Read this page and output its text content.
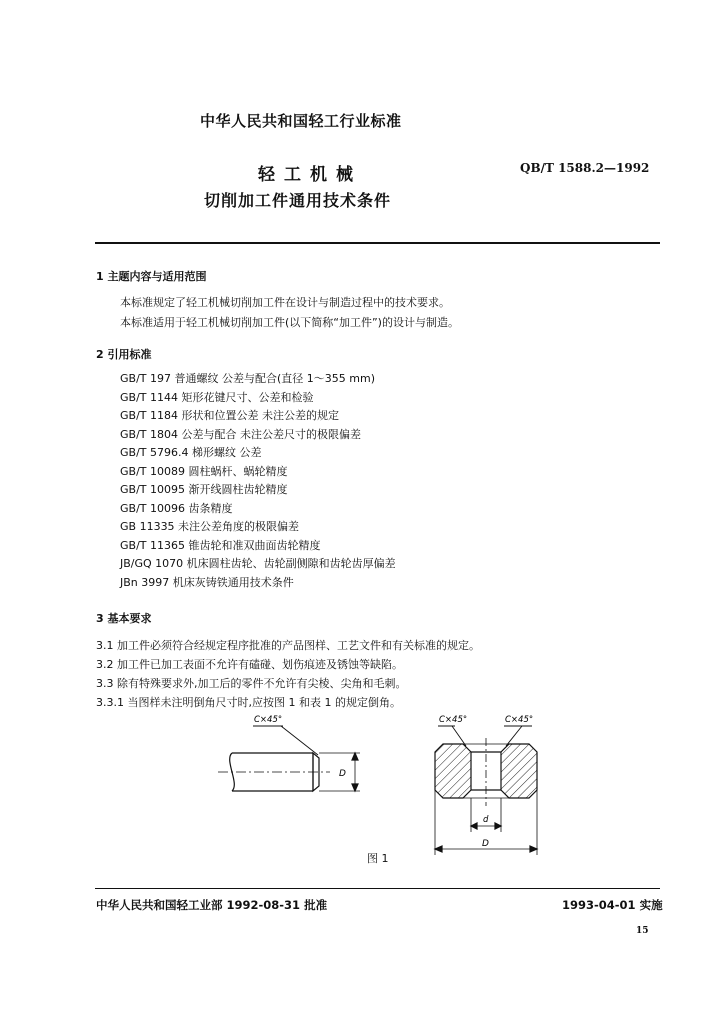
中华人民共和国轻工行业标准
轻工机械
切削加工件通用技术条件
QB/T 1588.2—1992
1 主题内容与适用范围
本标准规定了轻工机械切削加工件在设计与制造过程中的技术要求。
本标准适用于轻工机械切削加工件(以下简称“加工件”)的设计与制造。
2 引用标准
GB/T 197 普通螺纹 公差与配合(直径 1～355 mm)
GB/T 1144 矩形花键尺寸、公差和检验
GB/T 1184 形状和位置公差 未注公差的规定
GB/T 1804 公差与配合 未注公差尺寸的极限偏差
GB/T 5796.4 梯形螺纹 公差
GB/T 10089 圆柱蜗杆、蜗轮精度
GB/T 10095 渐开线圆柱齿轮精度
GB/T 10096 齿条精度
GB 11335 未注公差角度的极限偏差
GB/T 11365 锥齿轮和准双曲面齿轮精度
JB/GQ 1070 机床圆柱齿轮、齿轮副侧隙和齿轮齿厚偏差
JBn 3997 机床灰铸铁通用技术条件
3 基本要求
3.1 加工件必须符合经规定程序批准的产品图样、工艺文件和有关标准的规定。
3.2 加工件已加工表面不允许有磕碰、划伤痕迹及锈蚀等缺陷。
3.3 除有特殊要求外,加工后的零件不允许有尖棱、尖角和毛刺。
3.3.1 当图样未注明倒角尺寸时,应按图 1 和表 1 的规定倒角。
C×45°
D
C×45°	C×45°
d
D
图 1
中华人民共和国轻工业部 1992-08-31 批准	1993-04-01 实施
15
